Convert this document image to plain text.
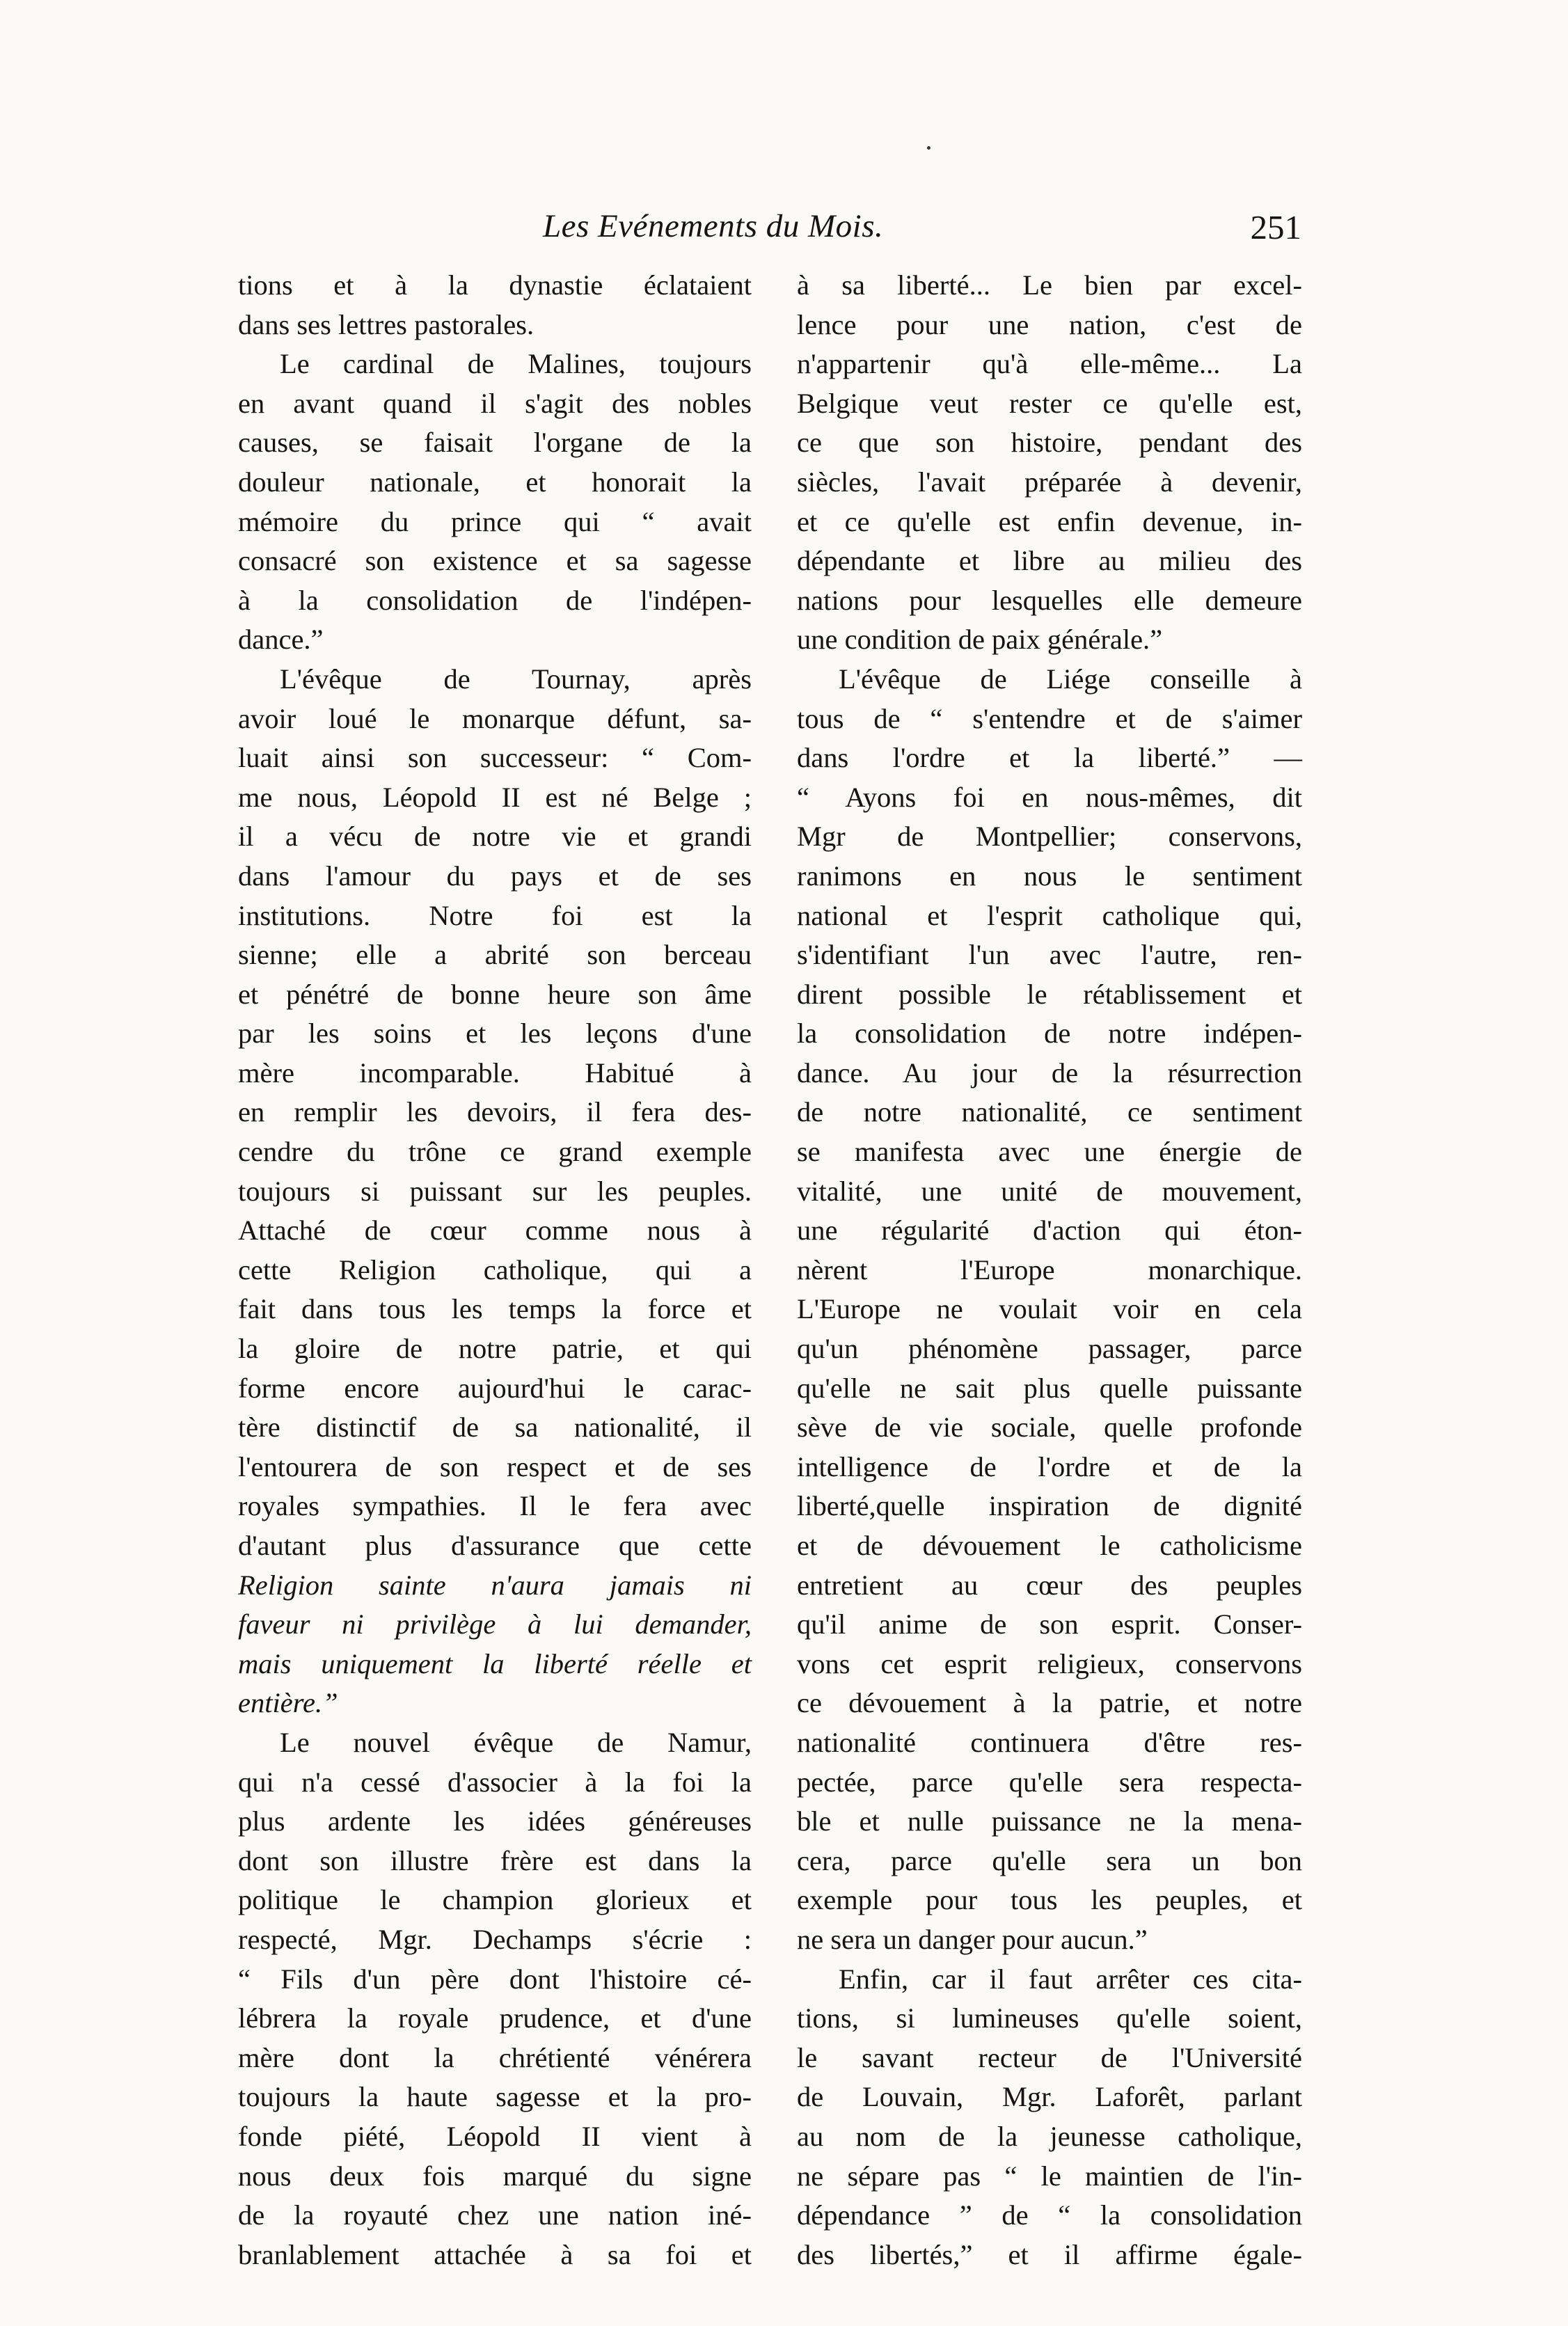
Les Evénements du Mois.	251

tions et à la dynastie éclataient

dans ses lettres pastorales.

Le cardinal de Malines, toujours

en avant quand il s'agit des nobles

causes, se faisait l'organe de la

douleur nationale, et honorait la

mémoire du prince qui “ avait

consacré son existence et sa sagesse

à la consolidation de l'indépen-

dance.”

L'évêque de Tournay, après

avoir loué le monarque défunt, sa-

luait ainsi son successeur: “ Com-

me nous, Léopold II est né Belge ;

il a vécu de notre vie et grandi

dans l'amour du pays et de ses

institutions. Notre foi est la

sienne; elle a abrité son berceau

et pénétré de bonne heure son âme

par les soins et les leçons d'une

mère incomparable. Habitué à

en remplir les devoirs, il fera des-

cendre du trône ce grand exemple

toujours si puissant sur les peuples.

Attaché de cœur comme nous à

cette Religion catholique, qui a

fait dans tous les temps la force et

la gloire de notre patrie, et qui

forme encore aujourd'hui le carac-

tère distinctif de sa nationalité, il

l'entourera de son respect et de ses

royales sympathies. Il le fera avec

d'autant plus d'assurance que cette

Religion sainte n'aura jamais ni

faveur ni privilège à lui demander,

mais uniquement la liberté réelle et

entière.”

Le nouvel évêque de Namur,

qui n'a cessé d'associer à la foi la

plus ardente les idées généreuses

dont son illustre frère est dans la

politique le champion glorieux et

respecté, Mgr. Dechamps s'écrie :

“ Fils d'un père dont l'histoire cé-

lébrera la royale prudence, et d'une

mère dont la chrétienté vénérera

toujours la haute sagesse et la pro-

fonde piété, Léopold II vient à

nous deux fois marqué du signe

de la royauté chez une nation iné-

branlablement attachée à sa foi et

à sa liberté... Le bien par excel-

lence pour une nation, c'est de

n'appartenir qu'à elle-même... La

Belgique veut rester ce qu'elle est,

ce que son histoire, pendant des

siècles, l'avait préparée à devenir,

et ce qu'elle est enfin devenue, in-

dépendante et libre au milieu des

nations pour lesquelles elle demeure

une condition de paix générale.”

L'évêque de Liége conseille à

tous de “ s'entendre et de s'aimer

dans l'ordre et la liberté.” —

“ Ayons foi en nous-mêmes, dit

Mgr de Montpellier; conservons,

ranimons en nous le sentiment

national et l'esprit catholique qui,

s'identifiant l'un avec l'autre, ren-

dirent possible le rétablissement et

la consolidation de notre indépen-

dance. Au jour de la résurrection

de notre nationalité, ce sentiment

se manifesta avec une énergie de

vitalité, une unité de mouvement,

une régularité d'action qui éton-

nèrent l'Europe monarchique.

L'Europe ne voulait voir en cela

qu'un phénomène passager, parce

qu'elle ne sait plus quelle puissante

sève de vie sociale, quelle profonde

intelligence de l'ordre et de la

liberté,quelle inspiration de dignité

et de dévouement le catholicisme

entretient au cœur des peuples

qu'il anime de son esprit. Conser-

vons cet esprit religieux, conservons

ce dévouement à la patrie, et notre

nationalité continuera d'être res-

pectée, parce qu'elle sera respecta-

ble et nulle puissance ne la mena-

cera, parce qu'elle sera un bon

exemple pour tous les peuples, et

ne sera un danger pour aucun.”

Enfin, car il faut arrêter ces cita-

tions, si lumineuses qu'elle soient,

le savant recteur de l'Université

de Louvain, Mgr. Laforêt, parlant

au nom de la jeunesse catholique,

ne sépare pas “ le maintien de l'in-

dépendance ” de “ la consolidation

des libertés,” et il affirme égale-
